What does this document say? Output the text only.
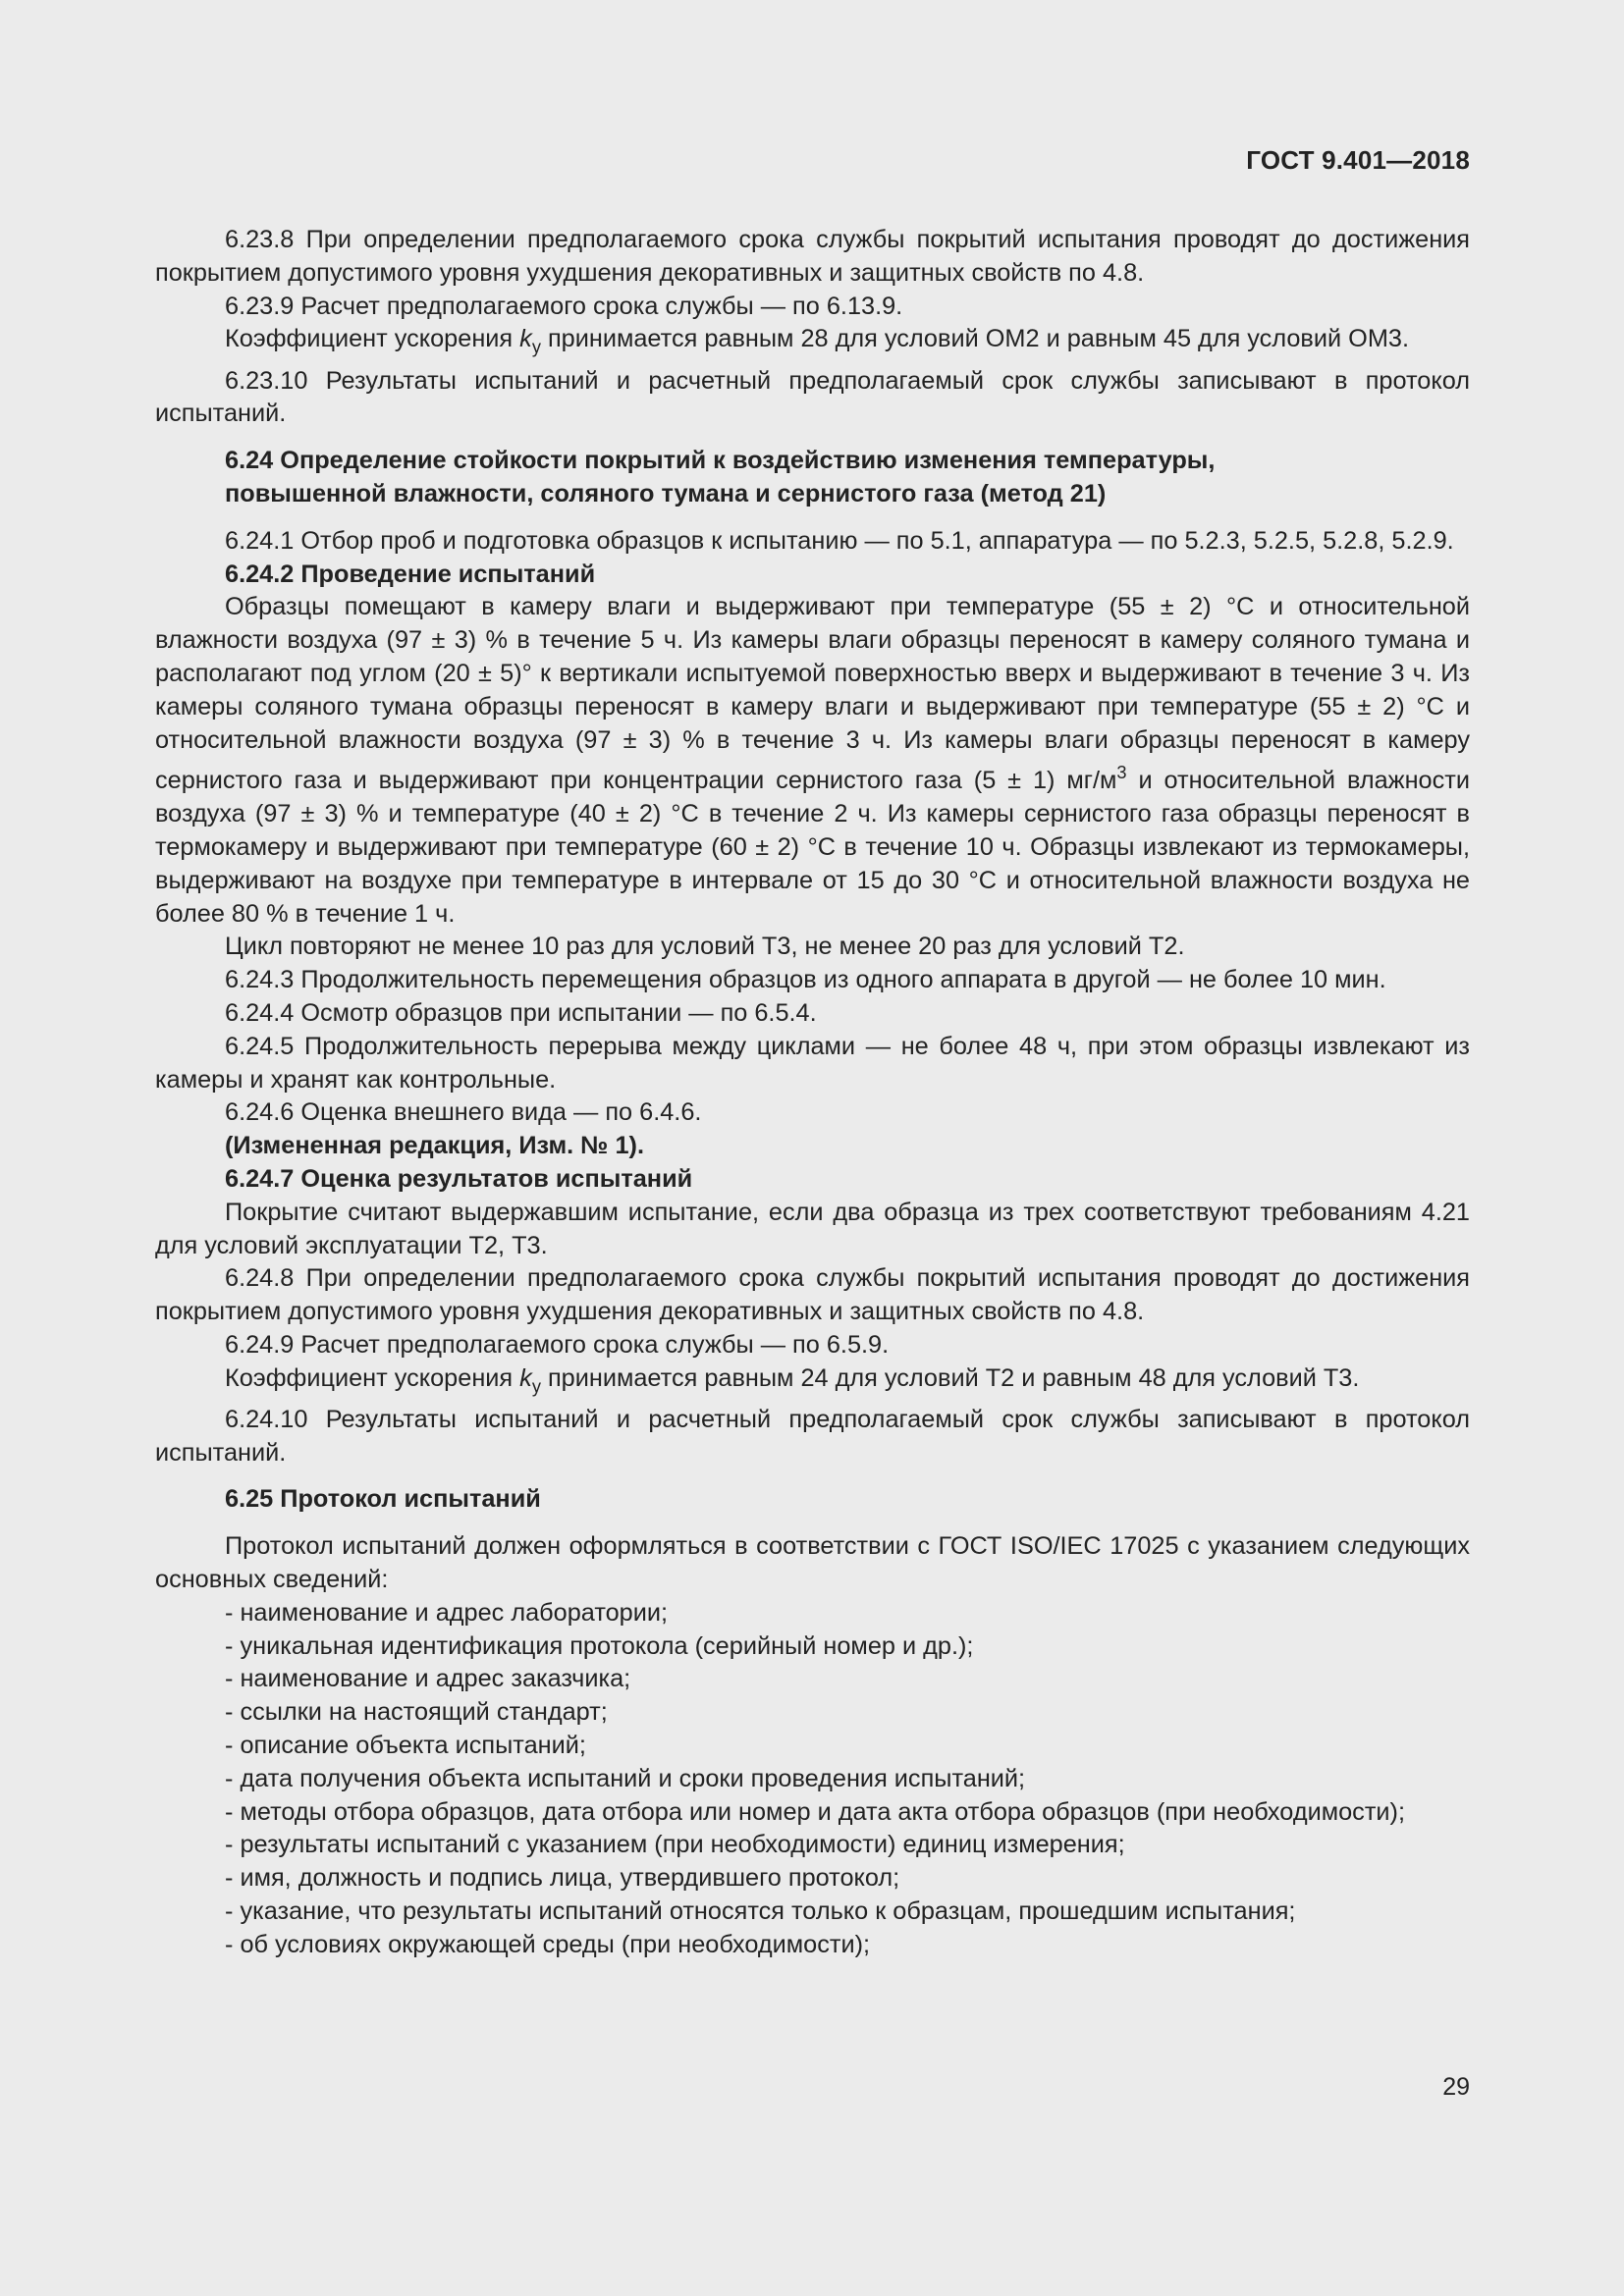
ГОСТ 9.401—2018

6.23.8 При определении предполагаемого срока службы покрытий испытания проводят до достижения покрытием допустимого уровня ухудшения декоративных и защитных свойств по 4.8.

6.23.9 Расчет предполагаемого срока службы — по 6.13.9.

Коэффициент ускорения $k_y$ принимается равным 28 для условий ОМ2 и равным 45 для условий ОМ3.

6.23.10 Результаты испытаний и расчетный предполагаемый срок службы записывают в протокол испытаний.

6.24 Определение стойкости покрытий к воздействию изменения температуры,

повышенной влажности, соляного тумана и сернистого газа (метод 21)

6.24.1 Отбор проб и подготовка образцов к испытанию — по 5.1, аппаратура — по 5.2.3, 5.2.5, 5.2.8, 5.2.9.

6.24.2 Проведение испытаний

Образцы помещают в камеру влаги и выдерживают при температуре (55 ± 2) °С и относительной влажности воздуха (97 ± 3) % в течение 5 ч. Из камеры влаги образцы переносят в камеру соляного тумана и располагают под углом (20 ± 5)° к вертикали испытуемой поверхностью вверх и выдерживают в течение 3 ч. Из камеры соляного тумана образцы переносят в камеру влаги и выдерживают при температуре (55 ± 2) °С и относительной влажности воздуха (97 ± 3) % в течение 3 ч. Из камеры влаги образцы переносят в камеру сернистого газа и выдерживают при концентрации сернистого газа (5 ± 1) $мг/м^3$ и относительной влажности воздуха (97 ± 3) % и температуре (40 ± 2) °С в течение 2 ч. Из камеры сернистого газа образцы переносят в термокамеру и выдерживают при температуре (60 ± 2) °С в течение 10 ч. Образцы извлекают из термокамеры, выдерживают на воздухе при температуре в интервале от 15 до 30 °С и относительной влажности воздуха не более 80 % в течение 1 ч.

Цикл повторяют не менее 10 раз для условий Т3, не менее 20 раз для условий Т2.

6.24.3 Продолжительность перемещения образцов из одного аппарата в другой — не более 10 мин.

6.24.4 Осмотр образцов при испытании — по 6.5.4.

6.24.5 Продолжительность перерыва между циклами — не более 48 ч, при этом образцы извлекают из камеры и хранят как контрольные.

6.24.6 Оценка внешнего вида — по 6.4.6.

(Измененная редакция, Изм. № 1).

6.24.7 Оценка результатов испытаний

Покрытие считают выдержавшим испытание, если два образца из трех соответствуют требованиям 4.21 для условий эксплуатации Т2, Т3.

6.24.8 При определении предполагаемого срока службы покрытий испытания проводят до достижения покрытием допустимого уровня ухудшения декоративных и защитных свойств по 4.8.

6.24.9 Расчет предполагаемого срока службы — по 6.5.9.

Коэффициент ускорения $k_y$ принимается равным 24 для условий Т2 и равным 48 для условий Т3.

6.24.10 Результаты испытаний и расчетный предполагаемый срок службы записывают в протокол испытаний.

6.25 Протокол испытаний

Протокол испытаний должен оформляться в соответствии с ГОСТ ISO/IEC 17025 с указанием следующих основных сведений:

- наименование и адрес лаборатории;

- уникальная идентификация протокола (серийный номер и др.);

- наименование и адрес заказчика;

- ссылки на настоящий стандарт;

- описание объекта испытаний;

- дата получения объекта испытаний и сроки проведения испытаний;

- методы отбора образцов, дата отбора или номер и дата акта отбора образцов (при необходимости);

- результаты испытаний с указанием (при необходимости) единиц измерения;

- имя, должность и подпись лица, утвердившего протокол;

- указание, что результаты испытаний относятся только к образцам, прошедшим испытания;

- об условиях окружающей среды (при необходимости);

29
